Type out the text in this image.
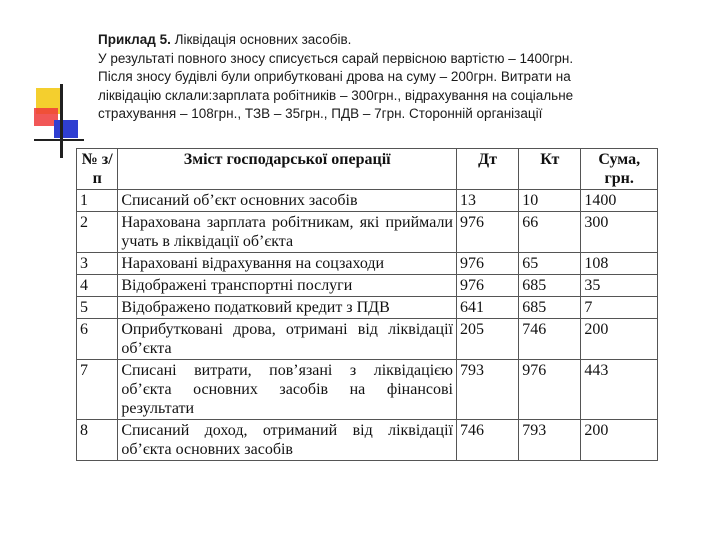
Приклад 5. Ліквідація основних засобів.

У результаті повного зносу списується сарай первісною вартістю – 1400грн.

Після зносу будівлі були оприбутковані дрова на суму – 200грн. Витрати на

ліквідацію склали:зарплата робітників – 300грн., відрахування на соціальне

страхування – 108грн., ТЗВ – 35грн., ПДВ – 7грн. Сторонній організації

№ з/п	Зміст господарської операції	Дт	Кт	Сума, грн.
1	Списаний об’єкт основних засобів	13	10	1400
2	Нарахована зарплата робітникам, які приймали учать в ліквідації об’єкта	976	66	300
3	Нараховані відрахування на соцзаходи	976	65	108
4	Відображені транспортні послуги	976	685	35
5	Відображено податковий кредит з ПДВ	641	685	7
6	Оприбутковані дрова, отримані від ліквідації об’єкта	205	746	200
7	Списані витрати, пов’язані з ліквідацією об’єкта основних засобів на фінансові результати	793	976	443
8	Списаний доход, отриманий від ліквідації об’єкта основних засобів	746	793	200
